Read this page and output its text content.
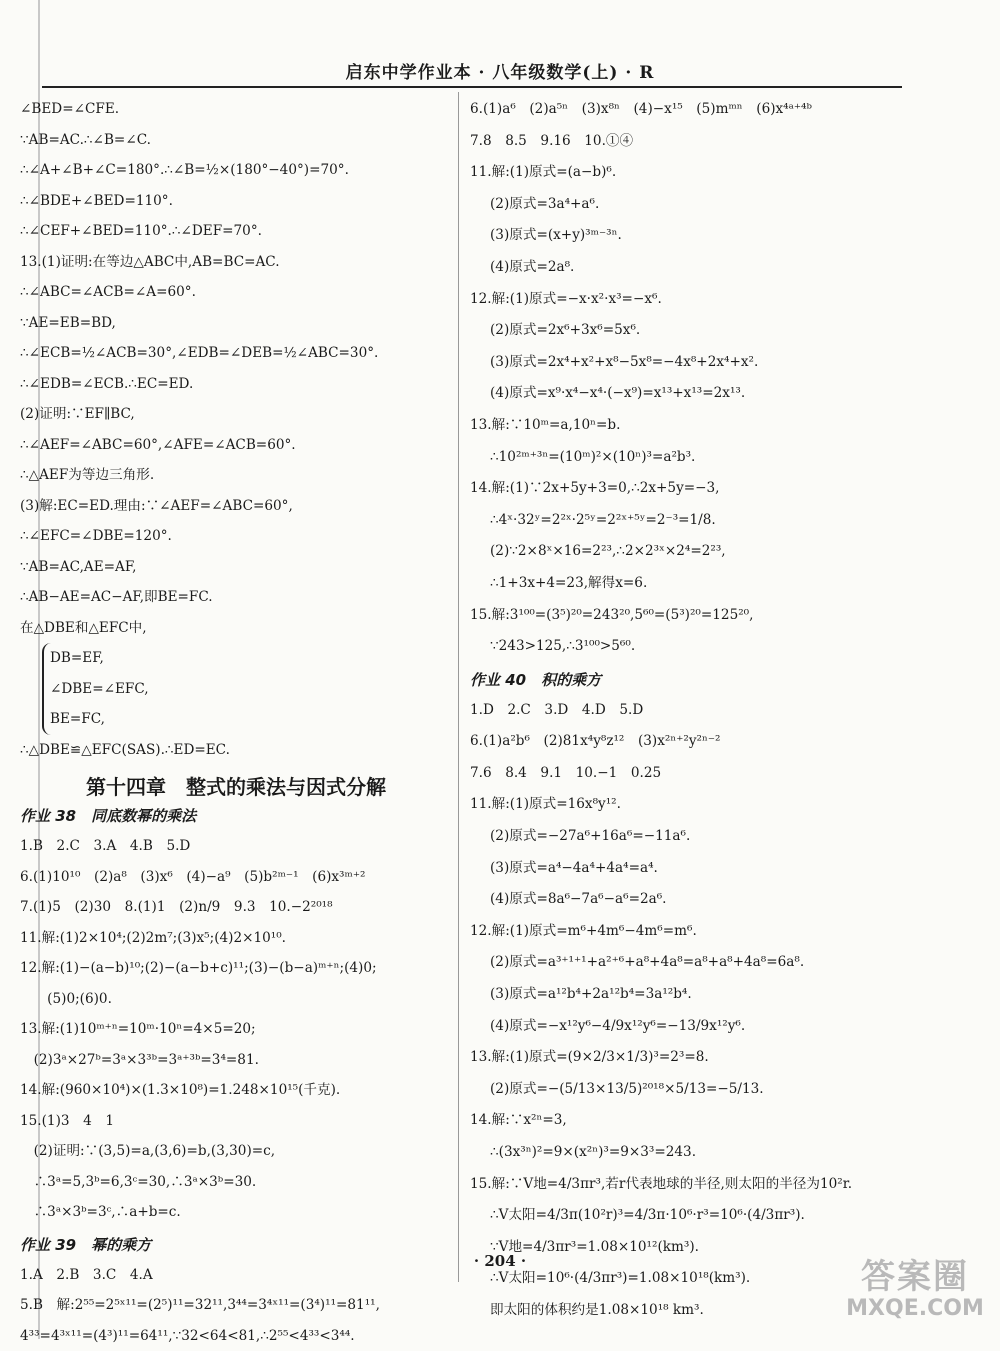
启东中学作业本 · 八年级数学(上) · R
∠BED=∠CFE.
∵AB=AC.∴∠B=∠C.
∴∠A+∠B+∠C=180°.∴∠B=½×(180°−40°)=70°.
∴∠BDE+∠BED=110°.
∴∠CEF+∠BED=110°.∴∠DEF=70°.
13.(1)证明:在等边△ABC中,AB=BC=AC.
∴∠ABC=∠ACB=∠A=60°.
∵AE=EB=BD,
∴∠ECB=½∠ACB=30°,∠EDB=∠DEB=½∠ABC=30°.
∴∠EDB=∠ECB.∴EC=ED.
(2)证明:∵EF∥BC,
∴∠AEF=∠ABC=60°,∠AFE=∠ACB=60°.
∴△AEF为等边三角形.
(3)解:EC=ED.理由:∵∠AEF=∠ABC=60°,
∴∠EFC=∠DBE=120°.
∵AB=AC,AE=AF,
∴AB−AE=AC−AF,即BE=FC.
在△DBE和△EFC中,
DB=EF,
∠DBE=∠EFC,
BE=FC,
∴△DBE≌△EFC(SAS).∴ED=EC.
第十四章　整式的乘法与因式分解
作业 38　同底数幂的乘法
1.B　2.C　3.A　4.B　5.D
6.(1)10¹⁰　(2)a⁸　(3)x⁶　(4)−a⁹　(5)b²ᵐ⁻¹　(6)x³ᵐ⁺²
7.(1)5　(2)30　8.(1)1　(2)n/9　9.3　10.−2²⁰¹⁸
11.解:(1)2×10⁴;(2)2m⁷;(3)x⁵;(4)2×10¹⁰.
12.解:(1)−(a−b)¹⁰;(2)−(a−b+c)¹¹;(3)−(b−a)ᵐ⁺ⁿ;(4)0;
　　(5)0;(6)0.
13.解:(1)10ᵐ⁺ⁿ=10ᵐ·10ⁿ=4×5=20;
　(2)3ᵃ×27ᵇ=3ᵃ×3³ᵇ=3ᵃ⁺³ᵇ=3⁴=81.
14.解:(960×10⁴)×(1.3×10⁸)=1.248×10¹⁵(千克).
15.(1)3　4　1
　(2)证明:∵(3,5)=a,(3,6)=b,(3,30)=c,
　∴3ᵃ=5,3ᵇ=6,3ᶜ=30,∴3ᵃ×3ᵇ=30.
　∴3ᵃ×3ᵇ=3ᶜ,∴a+b=c.
作业 39　幂的乘方
1.A　2.B　3.C　4.A
5.B　解:2⁵⁵=2⁵ˣ¹¹=(2⁵)¹¹=32¹¹,3⁴⁴=3⁴ˣ¹¹=(3⁴)¹¹=81¹¹,
4³³=4³ˣ¹¹=(4³)¹¹=64¹¹,∵32<64<81,∴2⁵⁵<4³³<3⁴⁴.
6.(1)a⁶　(2)a⁵ⁿ　(3)x⁸ⁿ　(4)−x¹⁵　(5)mᵐⁿ　(6)x⁴ᵃ⁺⁴ᵇ
7.8　8.5　9.16　10.①④
11.解:(1)原式=(a−b)⁶.
(2)原式=3a⁴+a⁶.
(3)原式=(x+y)³ᵐ⁻³ⁿ.
(4)原式=2a⁸.
12.解:(1)原式=−x·x²·x³=−x⁶.
(2)原式=2x⁶+3x⁶=5x⁶.
(3)原式=2x⁴+x²+x⁸−5x⁸=−4x⁸+2x⁴+x².
(4)原式=x⁹·x⁴−x⁴·(−x⁹)=x¹³+x¹³=2x¹³.
13.解:∵10ᵐ=a,10ⁿ=b.
∴10²ᵐ⁺³ⁿ=(10ᵐ)²×(10ⁿ)³=a²b³.
14.解:(1)∵2x+5y+3=0,∴2x+5y=−3,
∴4ˣ·32ʸ=2²ˣ·2⁵ʸ=2²ˣ⁺⁵ʸ=2⁻³=1/8.
(2)∵2×8ˣ×16=2²³,∴2×2³ˣ×2⁴=2²³,
∴1+3x+4=23,解得x=6.
15.解:3¹⁰⁰=(3⁵)²⁰=243²⁰,5⁶⁰=(5³)²⁰=125²⁰,
∵243>125,∴3¹⁰⁰>5⁶⁰.
作业 40　积的乘方
1.D　2.C　3.D　4.D　5.D
6.(1)a²b⁶　(2)81x⁴y⁸z¹²　(3)x²ⁿ⁺²y²ⁿ⁻²
7.6　8.4　9.1　10.−1　0.25
11.解:(1)原式=16x⁸y¹².
(2)原式=−27a⁶+16a⁶=−11a⁶.
(3)原式=a⁴−4a⁴+4a⁴=a⁴.
(4)原式=8a⁶−7a⁶−a⁶=2a⁶.
12.解:(1)原式=m⁶+4m⁶−4m⁶=m⁶.
(2)原式=a³⁺¹⁺¹+a²⁺⁶+a⁸+4a⁸=a⁸+a⁸+4a⁸=6a⁸.
(3)原式=a¹²b⁴+2a¹²b⁴=3a¹²b⁴.
(4)原式=−x¹²y⁶−4/9x¹²y⁶=−13/9x¹²y⁶.
13.解:(1)原式=(9×2/3×1/3)³=2³=8.
(2)原式=−(5/13×13/5)²⁰¹⁸×5/13=−5/13.
14.解:∵x²ⁿ=3,
∴(3x³ⁿ)²=9×(x²ⁿ)³=9×3³=243.
15.解:∵V地=4/3πr³,若r代表地球的半径,则太阳的半径为10²r.
∴V太阳=4/3π(10²r)³=4/3π·10⁶·r³=10⁶·(4/3πr³).
∵V地=4/3πr³=1.08×10¹²(km³).
∴V太阳=10⁶·(4/3πr³)=1.08×10¹⁸(km³).
即太阳的体积约是1.08×10¹⁸ km³.
· 204 ·	答案圈
MXQE.COM
